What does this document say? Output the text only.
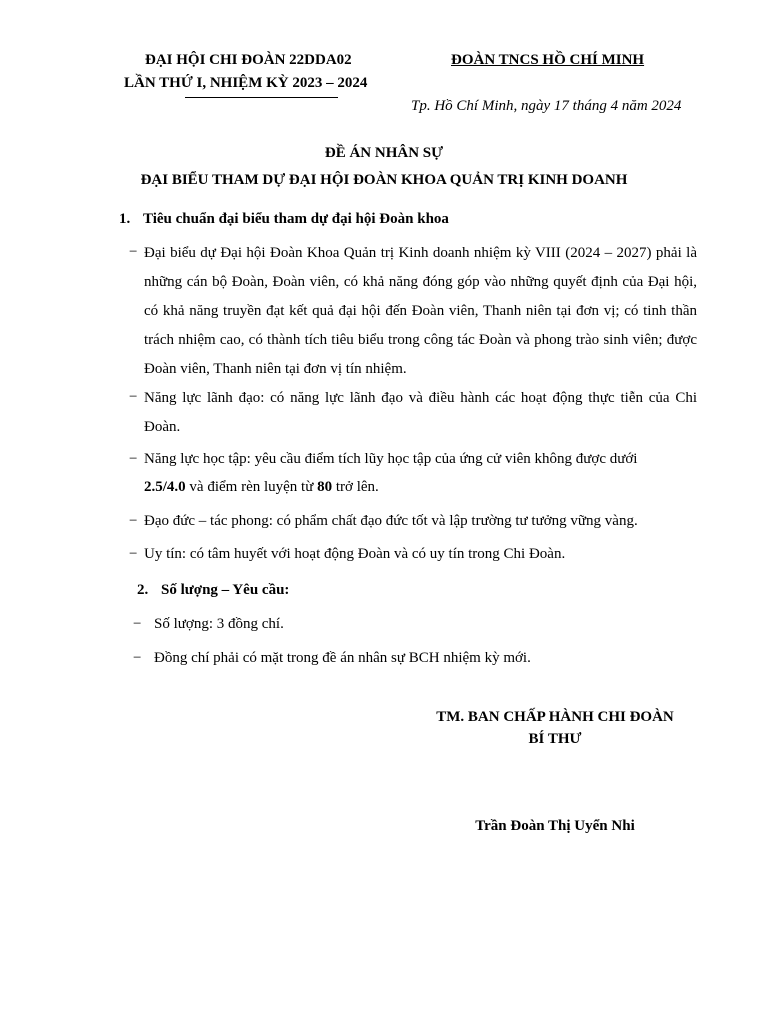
ĐẠI HỘI CHI ĐOÀN 22DDA02
LẦN THỨ I, NHIỆM KỲ 2023 – 2024
ĐOÀN TNCS HỒ CHÍ MINH
Tp. Hồ Chí Minh, ngày 17 tháng 4 năm 2024
ĐỀ ÁN NHÂN SỰ
ĐẠI BIỂU THAM DỰ ĐẠI HỘI ĐOÀN KHOA QUẢN TRỊ KINH DOANH
1. Tiêu chuẩn đại biểu tham dự đại hội Đoàn khoa
− Đại biểu dự Đại hội Đoàn Khoa Quản trị Kinh doanh nhiệm kỳ VIII (2024 – 2027) phải là những cán bộ Đoàn, Đoàn viên, có khả năng đóng góp vào những quyết định của Đại hội, có khả năng truyền đạt kết quả đại hội đến Đoàn viên, Thanh niên tại đơn vị; có tinh thần trách nhiệm cao, có thành tích tiêu biểu trong công tác Đoàn và phong trào sinh viên; được Đoàn viên, Thanh niên tại đơn vị tín nhiệm.
− Năng lực lãnh đạo: có năng lực lãnh đạo và điều hành các hoạt động thực tiễn của Chi Đoàn.
− Năng lực học tập: yêu cầu điểm tích lũy học tập của ứng cử viên không được dưới
2.5/4.0 và điểm rèn luyện từ 80 trở lên.
− Đạo đức – tác phong: có phẩm chất đạo đức tốt và lập trường tư tưởng vững vàng.
− Uy tín: có tâm huyết với hoạt động Đoàn và có uy tín trong Chi Đoàn.
2. Số lượng – Yêu cầu:
− Số lượng: 3 đồng chí.
− Đồng chí phải có mặt trong đề án nhân sự BCH nhiệm kỳ mới.
TM. BAN CHẤP HÀNH CHI ĐOÀN
BÍ THƯ
Trần Đoàn Thị Uyển Nhi
